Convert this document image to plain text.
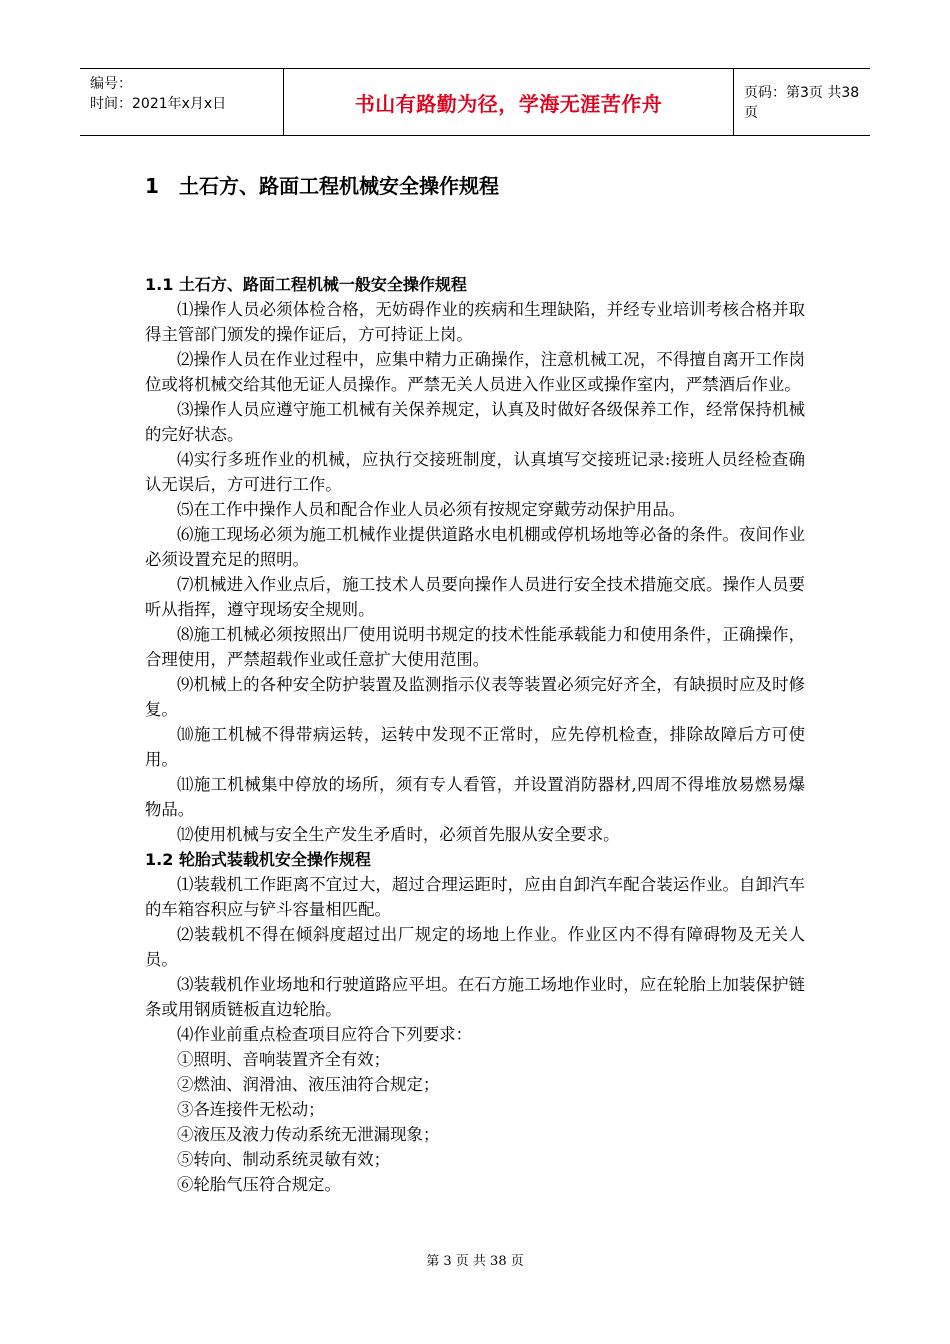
编号：
时间：2021年x月x日	书山有路勤为径，学海无涯苦作舟	页码：第3页 共38页
1 土石方、路面工程机械安全操作规程
1.1 土石方、路面工程机械一般安全操作规程
⑴操作人员必须体检合格，无妨碍作业的疾病和生理缺陷，并经专业培训考核合格并取得主管部门颁发的操作证后，方可持证上岗。
⑵操作人员在作业过程中，应集中精力正确操作，注意机械工况，不得擅自离开工作岗位或将机械交给其他无证人员操作。严禁无关人员进入作业区或操作室内，严禁酒后作业。
⑶操作人员应遵守施工机械有关保养规定，认真及时做好各级保养工作，经常保持机械的完好状态。
⑷实行多班作业的机械，应执行交接班制度，认真填写交接班记录:接班人员经检查确认无误后，方可进行工作。
⑸在工作中操作人员和配合作业人员必须有按规定穿戴劳动保护用品。
⑹施工现场必须为施工机械作业提供道路水电机棚或停机场地等必备的条件。夜间作业必须设置充足的照明。
⑺机械进入作业点后，施工技术人员要向操作人员进行安全技术措施交底。操作人员要听从指挥，遵守现场安全规则。
⑻施工机械必须按照出厂使用说明书规定的技术性能承载能力和使用条件，正确操作，合理使用，严禁超载作业或任意扩大使用范围。
⑼机械上的各种安全防护装置及监测指示仪表等装置必须完好齐全，有缺损时应及时修复。
⑽施工机械不得带病运转，运转中发现不正常时，应先停机检查，排除故障后方可使用。
⑾施工机械集中停放的场所，须有专人看管，并设置消防器材,四周不得堆放易燃易爆物品。
⑿使用机械与安全生产发生矛盾时，必须首先服从安全要求。
1.2 轮胎式装载机安全操作规程
⑴装载机工作距离不宜过大，超过合理运距时，应由自卸汽车配合装运作业。自卸汽车的车箱容积应与铲斗容量相匹配。
⑵装载机不得在倾斜度超过出厂规定的场地上作业。作业区内不得有障碍物及无关人员。
⑶装载机作业场地和行驶道路应平坦。在石方施工场地作业时，应在轮胎上加装保护链条或用钢质链板直边轮胎。
⑷作业前重点检查项目应符合下列要求：
①照明、音响装置齐全有效；
②燃油、润滑油、液压油符合规定；
③各连接件无松动；
④液压及液力传动系统无泄漏现象；
⑤转向、制动系统灵敏有效；
⑥轮胎气压符合规定。
第 3 页 共 38 页
